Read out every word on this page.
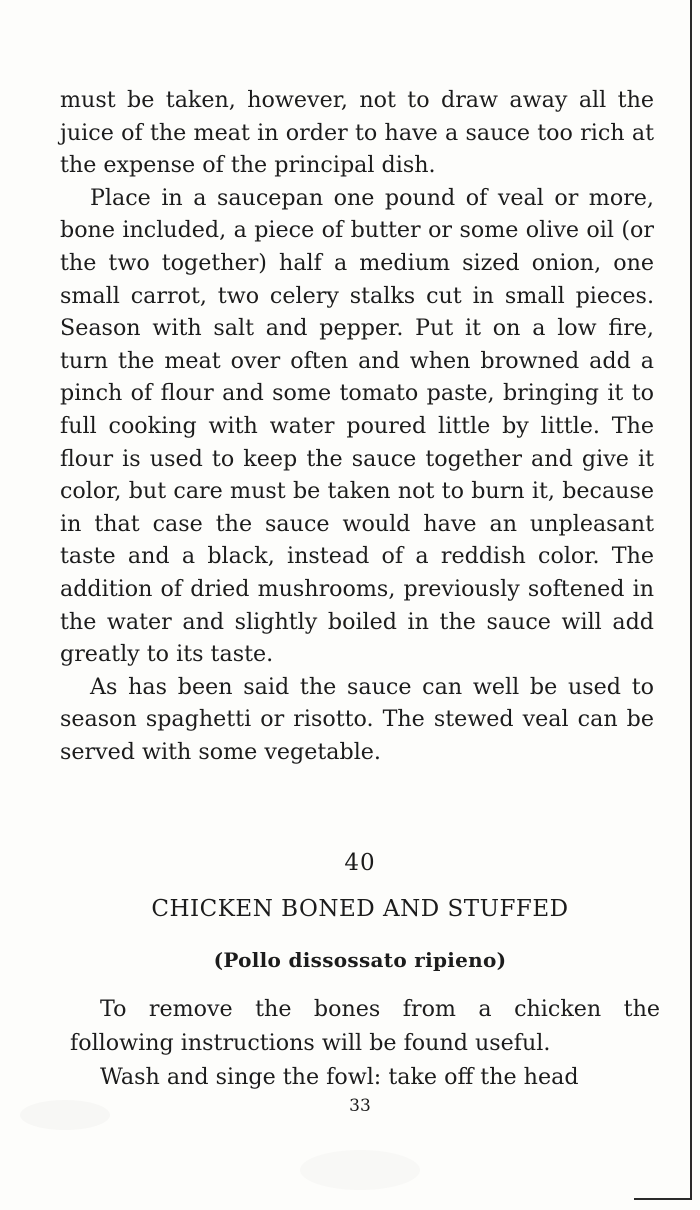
must be taken, however, not to draw away all the juice of the meat in order to have a sauce too rich at the expense of the principal dish.

Place in a saucepan one pound of veal or more, bone included, a piece of butter or some olive oil (or the two together) half a medium sized onion, one small carrot, two celery stalks cut in small pieces. Season with salt and pepper. Put it on a low fire, turn the meat over often and when browned add a pinch of flour and some tomato paste, bringing it to full cooking with water poured little by little. The flour is used to keep the sauce together and give it color, but care must be taken not to burn it, because in that case the sauce would have an unpleasant taste and a black, instead of a reddish color. The addition of dried mushrooms, previously softened in the water and slightly boiled in the sauce will add greatly to its taste.

As has been said the sauce can well be used to season spaghetti or risotto. The stewed veal can be served with some vegetable.

40
CHICKEN BONED AND STUFFED
(Pollo dissossato ripieno)

To remove the bones from a chicken the following instructions will be found useful.

Wash and singe the fowl: take off the head

33
